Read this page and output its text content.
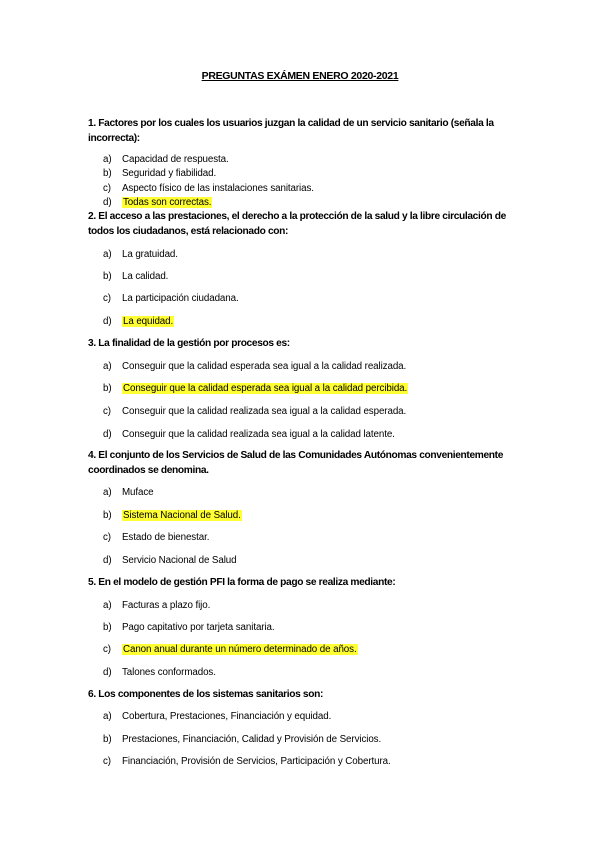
PREGUNTAS EXÁMEN ENERO 2020-2021
1. Factores por los cuales los usuarios juzgan la calidad de un servicio sanitario (señala la incorrecta):
a) Capacidad de respuesta.
b) Seguridad y fiabilidad.
c) Aspecto físico de las instalaciones sanitarias.
d) Todas son correctas.
2. El acceso a las prestaciones, el derecho a la protección de la salud y la libre circulación de todos los ciudadanos, está relacionado con:
a) La gratuidad.
b) La calidad.
c) La participación ciudadana.
d) La equidad.
3. La finalidad de la gestión por procesos es:
a) Conseguir que la calidad esperada sea igual a la calidad realizada.
b) Conseguir que la calidad esperada sea igual a la calidad percibida.
c) Conseguir que la calidad realizada sea igual a la calidad esperada.
d) Conseguir que la calidad realizada sea igual a la calidad latente.
4. El conjunto de los Servicios de Salud de las Comunidades Autónomas convenientemente coordinados se denomina.
a) Muface
b) Sistema Nacional de Salud.
c) Estado de bienestar.
d) Servicio Nacional de Salud
5. En el modelo de gestión PFI la forma de pago se realiza mediante:
a) Facturas a plazo fijo.
b) Pago capitativo por tarjeta sanitaria.
c) Canon anual durante un número determinado de años.
d) Talones conformados.
6. Los componentes de los sistemas sanitarios son:
a) Cobertura, Prestaciones, Financiación y equidad.
b) Prestaciones, Financiación, Calidad y Provisión de Servicios.
c) Financiación, Provisión de Servicios, Participación y Cobertura.
